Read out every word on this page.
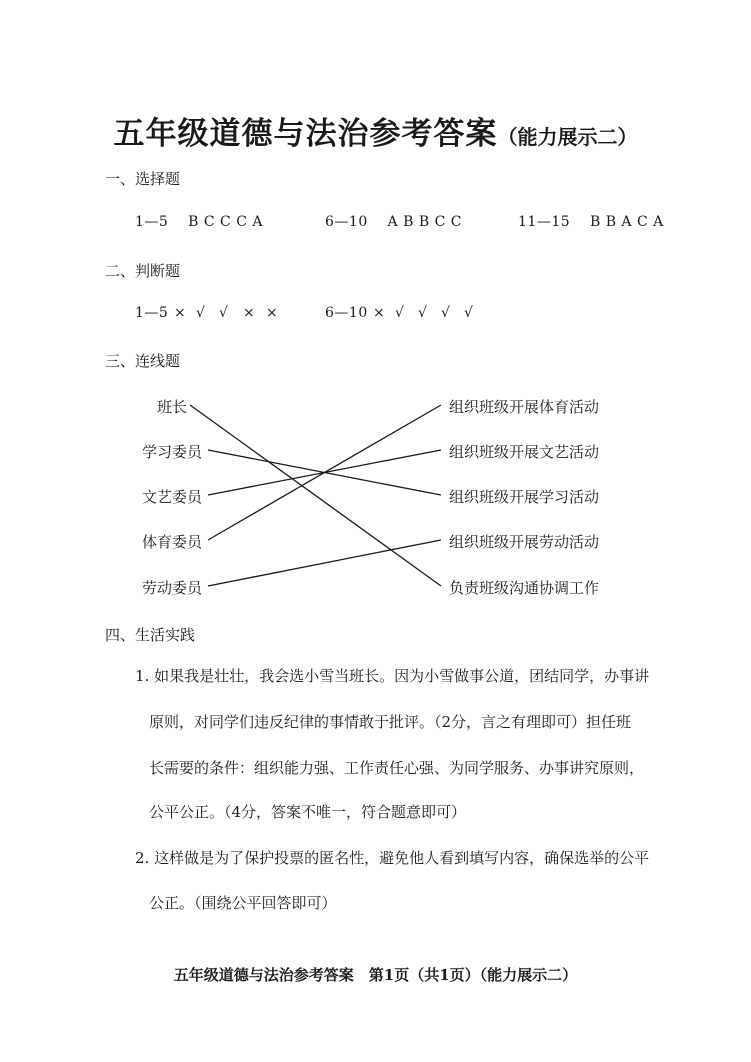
五年级道德与法治参考答案（能力展示二）
一、选择题
1—5 B C C C A	6—10 A B B C C	11—15 B B A C A
二、判断题
1—5 × √ √ × ×	6—10 × √ √ √ √
三、连线题
班长
学习委员
文艺委员
体育委员
劳动委员
组织班级开展体育活动
组织班级开展文艺活动
组织班级开展学习活动
组织班级开展劳动活动
负责班级沟通协调工作
四、生活实践
1. 如果我是壮壮，我会选小雪当班长。因为小雪做事公道，团结同学，办事讲
原则，对同学们违反纪律的事情敢于批评。（2分，言之有理即可）担任班
长需要的条件：组织能力强、工作责任心强、为同学服务、办事讲究原则，
公平公正。（4分，答案不唯一，符合题意即可）
2. 这样做是为了保护投票的匿名性，避免他人看到填写内容，确保选举的公平
公正。（围绕公平回答即可）
五年级道德与法治参考答案　第1页（共1页）（能力展示二）
